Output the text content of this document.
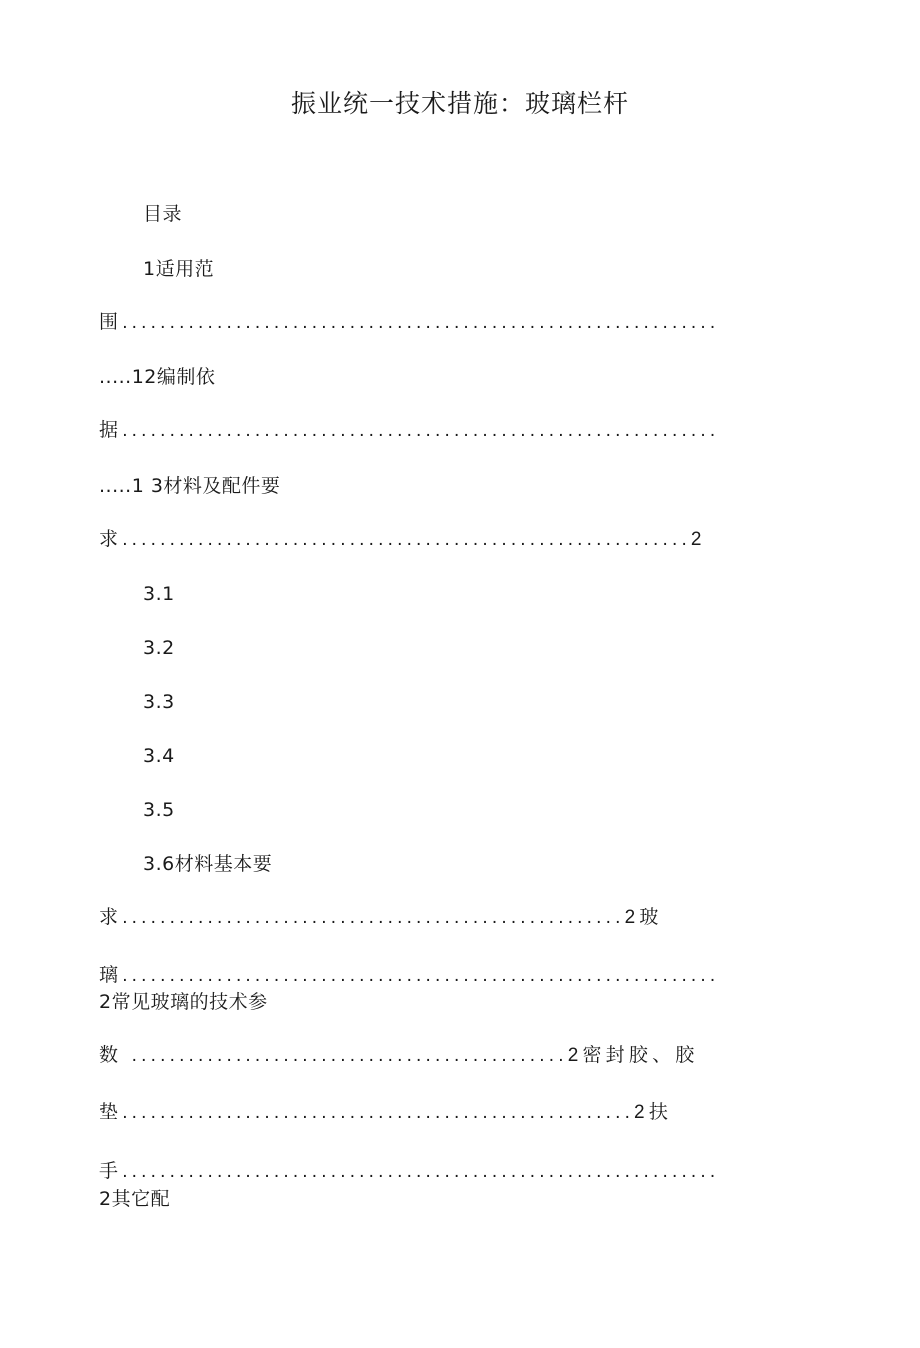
振业统一技术措施：玻璃栏杆
目录
1适用范
围...............................................................
.....12编制依
据...............................................................
.....1 3材料及配件要
求............................................................2
3.1
3.2
3.3
3.4
3.5
3.6材料基本要
求.....................................................2玻
璃...............................................................
2常见玻璃的技术参
数 ..............................................2密封胶、胶
垫......................................................2扶
手...............................................................
2其它配
